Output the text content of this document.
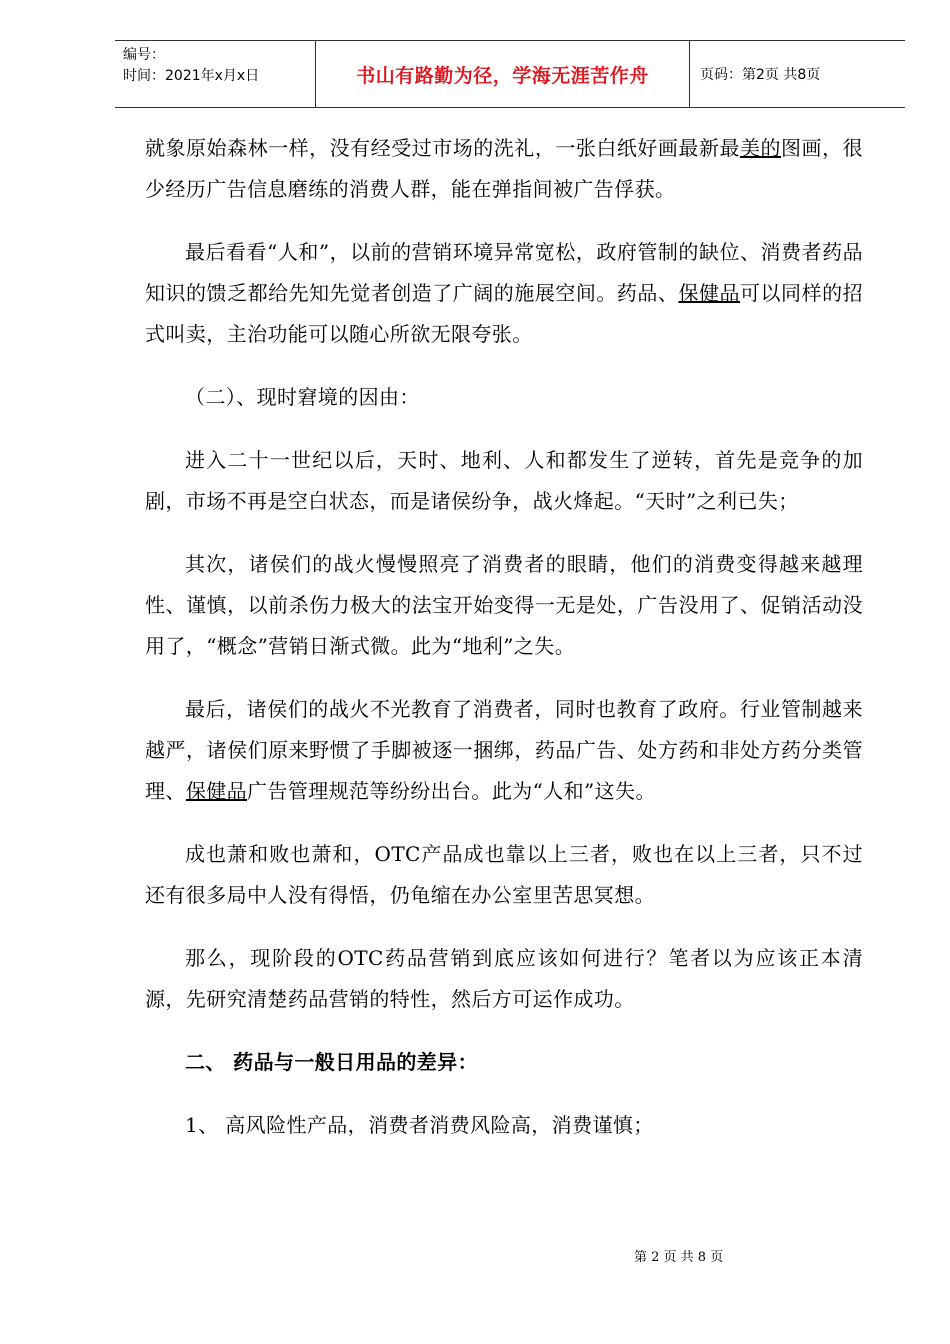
编号：
时间：2021年x月x日	书山有路勤为径，学海无涯苦作舟	页码：第2页 共8页

就象原始森林一样，没有经受过市场的洗礼，一张白纸好画最新最美的图画，很少经历广告信息磨练的消费人群，能在弹指间被广告俘获。

最后看看“人和”，以前的营销环境异常宽松，政府管制的缺位、消费者药品知识的馈乏都给先知先觉者创造了广阔的施展空间。药品、保健品可以同样的招式叫卖，主治功能可以随心所欲无限夸张。

（二）、现时窘境的因由：

进入二十一世纪以后，天时、地利、人和都发生了逆转，首先是竞争的加剧，市场不再是空白状态，而是诸侯纷争，战火烽起。“天时”之利已失；

其次，诸侯们的战火慢慢照亮了消费者的眼睛，他们的消费变得越来越理性、谨慎，以前杀伤力极大的法宝开始变得一无是处，广告没用了、促销活动没用了，“概念”营销日渐式微。此为“地利”之失。

最后，诸侯们的战火不光教育了消费者，同时也教育了政府。行业管制越来越严，诸侯们原来野惯了手脚被逐一捆绑，药品广告、处方药和非处方药分类管理、保健品广告管理规范等纷纷出台。此为“人和”这失。

成也萧和败也萧和，OTC产品成也靠以上三者，败也在以上三者，只不过还有很多局中人没有得悟，仍龟缩在办公室里苦思冥想。

那么，现阶段的OTC药品营销到底应该如何进行？笔者以为应该正本清源，先研究清楚药品营销的特性，然后方可运作成功。

二、 药品与一般日用品的差异：

1、 高风险性产品，消费者消费风险高，消费谨慎；

第 2 页 共 8 页
